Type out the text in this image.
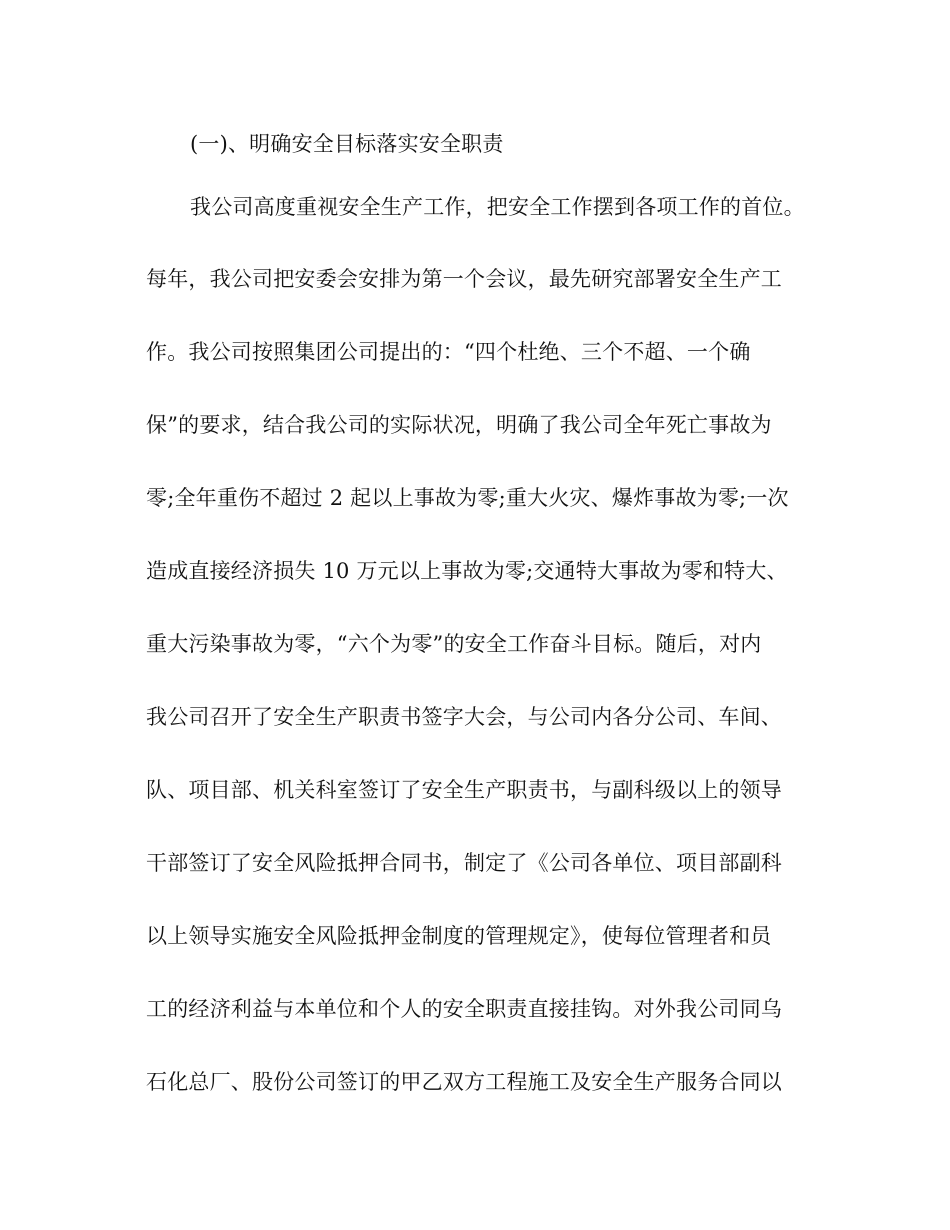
(一)、明确安全目标落实安全职责
我公司高度重视安全生产工作，把安全工作摆到各项工作的首位。
每年，我公司把安委会安排为第一个会议，最先研究部署安全生产工
作。我公司按照集团公司提出的：“四个杜绝、三个不超、一个确
保”的要求，结合我公司的实际状况，明确了我公司全年死亡事故为
零;全年重伤不超过 2 起以上事故为零;重大火灾、爆炸事故为零;一次
造成直接经济损失 10 万元以上事故为零;交通特大事故为零和特大、
重大污染事故为零，“六个为零”的安全工作奋斗目标。随后，对内
我公司召开了安全生产职责书签字大会，与公司内各分公司、车间、
队、项目部、机关科室签订了安全生产职责书，与副科级以上的领导
干部签订了安全风险抵押合同书，制定了《公司各单位、项目部副科
以上领导实施安全风险抵押金制度的管理规定》，使每位管理者和员
工的经济利益与本单位和个人的安全职责直接挂钩。对外我公司同乌
石化总厂、股份公司签订的甲乙双方工程施工及安全生产服务合同以
